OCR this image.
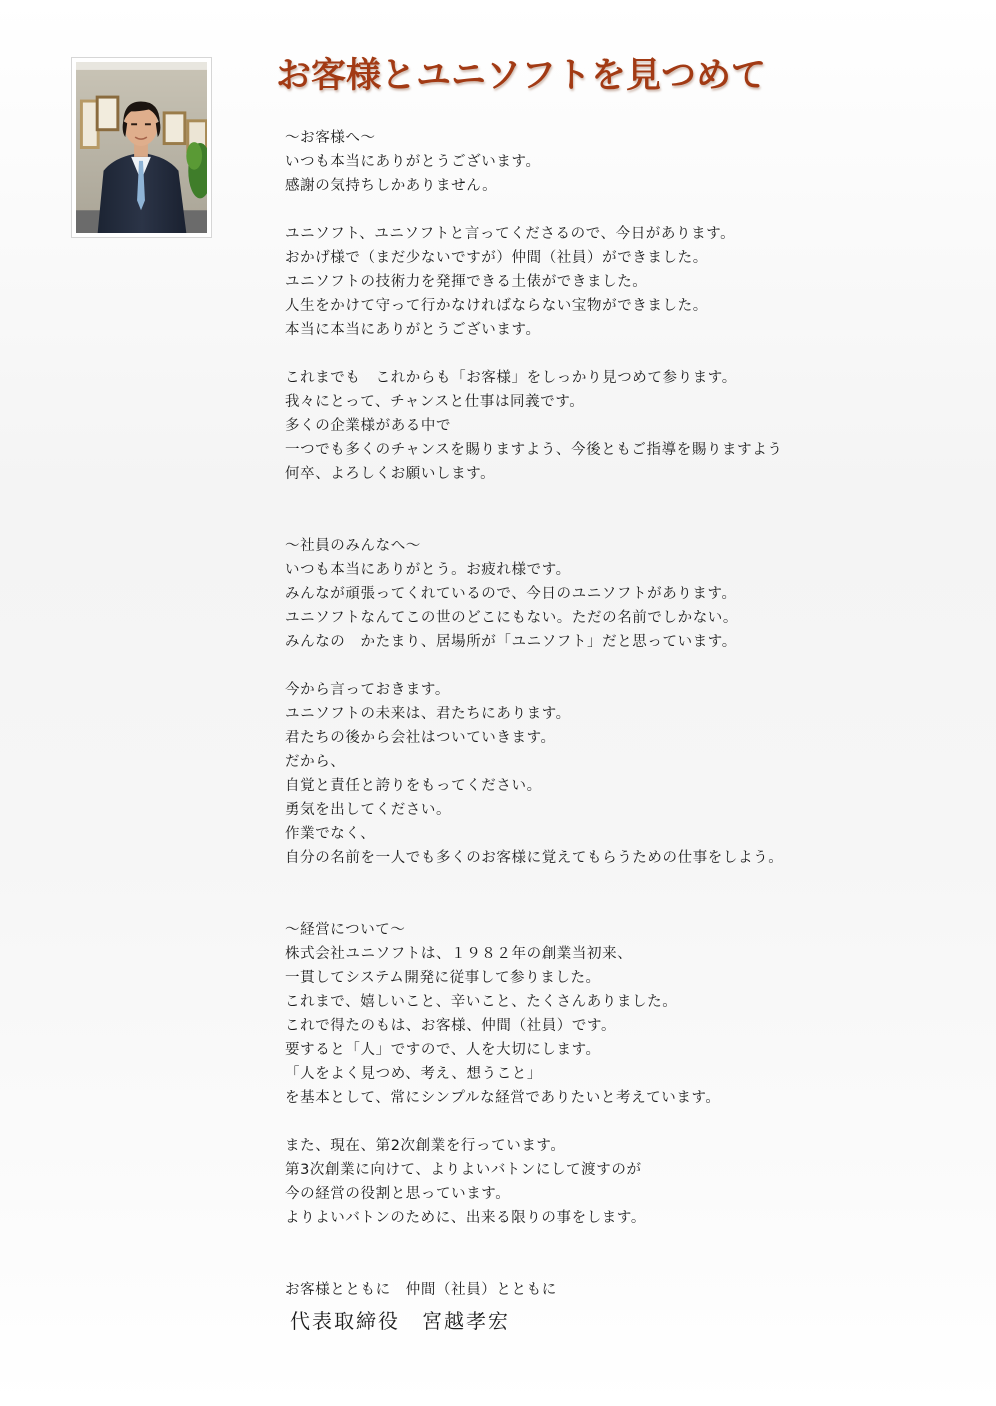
お客様とユニソフトを見つめて
～お客様へ～
いつも本当にありがとうございます。
感謝の気持ちしかありません。
ユニソフト、ユニソフトと言ってくださるので、今日があります。
おかげ様で（まだ少ないですが）仲間（社員）ができました。
ユニソフトの技術力を発揮できる土俵ができました。
人生をかけて守って行かなければならない宝物ができました。
本当に本当にありがとうございます。
これまでも　これからも「お客様」をしっかり見つめて参ります。
我々にとって、チャンスと仕事は同義です。
多くの企業様がある中で
一つでも多くのチャンスを賜りますよう、今後ともご指導を賜りますよう
何卒、よろしくお願いします。
～社員のみんなへ～
いつも本当にありがとう。お疲れ様です。
みんなが頑張ってくれているので、今日のユニソフトがあります。
ユニソフトなんてこの世のどこにもない。ただの名前でしかない。
みんなの　かたまり、居場所が「ユニソフト」だと思っています。
今から言っておきます。
ユニソフトの未来は、君たちにあります。
君たちの後から会社はついていきます。
だから、
自覚と責任と誇りをもってください。
勇気を出してください。
作業でなく、
自分の名前を一人でも多くのお客様に覚えてもらうための仕事をしよう。
～経営について～
株式会社ユニソフトは、１９８２年の創業当初来、
一貫してシステム開発に従事して参りました。
これまで、嬉しいこと、辛いこと、たくさんありました。
これで得たのもは、お客様、仲間（社員）です。
要すると「人」ですので、人を大切にします。
「人をよく見つめ、考え、想うこと」
を基本として、常にシンプルな経営でありたいと考えています。
また、現在、第2次創業を行っています。
第3次創業に向けて、よりよいバトンにして渡すのが
今の経営の役割と思っています。
よりよいバトンのために、出来る限りの事をします。
お客様とともに　仲間（社員）とともに
代表取締役　宮越孝宏
